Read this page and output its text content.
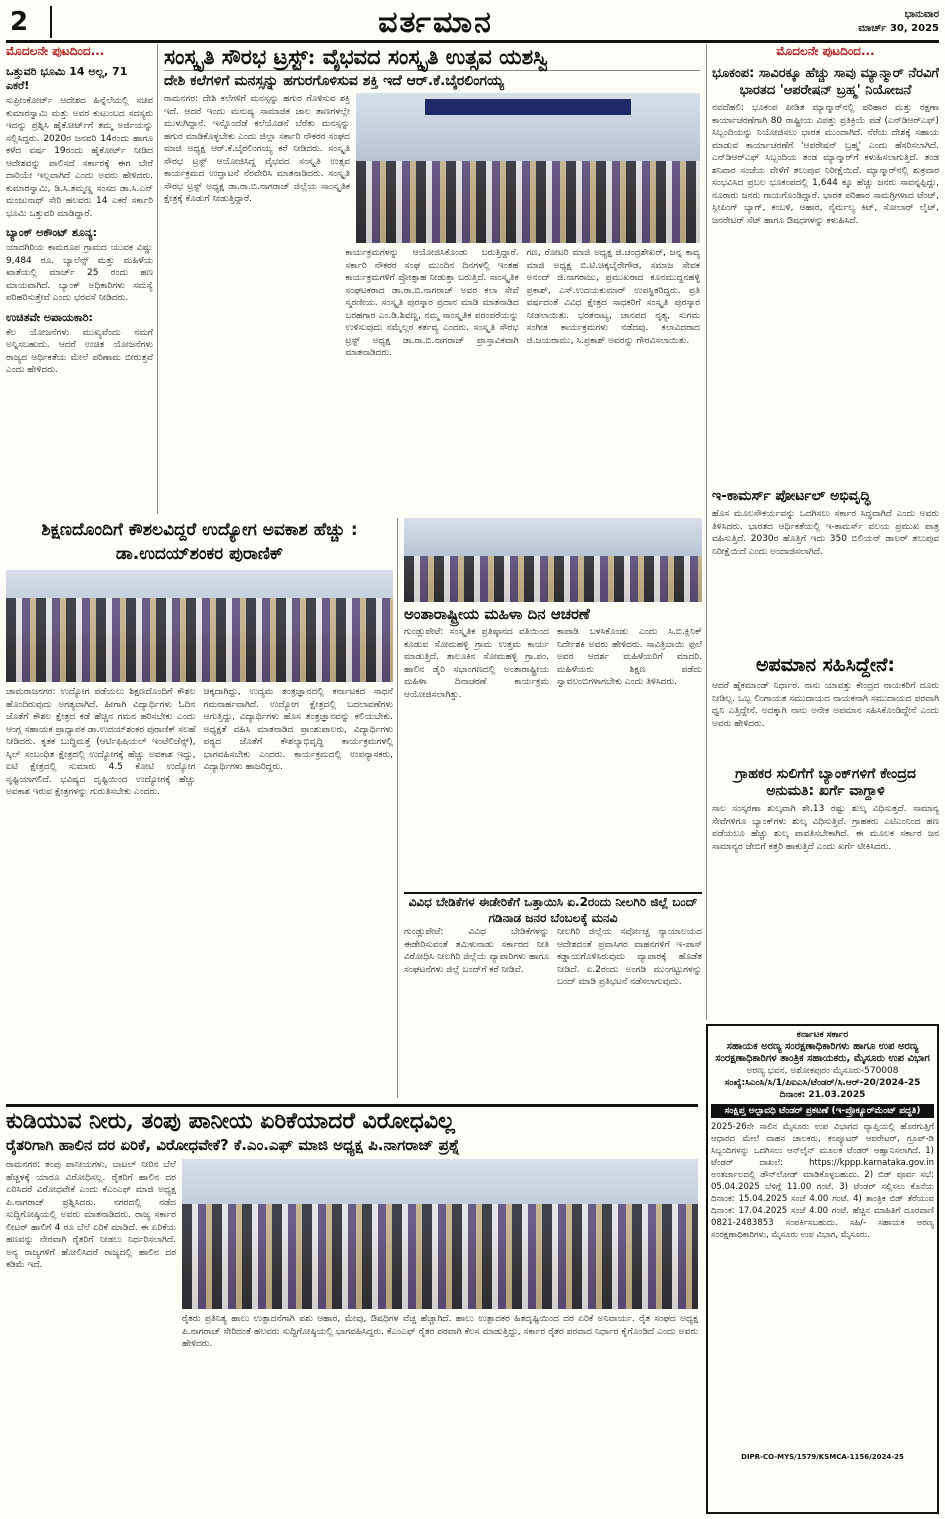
2	ವರ್ತಮಾನ	ಭಾನುವಾರ
ಮಾರ್ಚ್ 30, 2025
ಮೊದಲನೇ ಪುಟದಿಂದ...
ಒತ್ತುವರಿ ಭೂಮಿ 14 ಅಲ್ಲ, 71 ಎಕರೆ!

ಸುಪ್ರೀಂಕೋರ್ಟ್ ಆದೇಶದ ಹಿನ್ನೆಲೆಯಲ್ಲಿ ಸಚಿವ ಕುಮಾರಸ್ವಾಮಿ ಮತ್ತು ಅವರ ಕುಟುಂಬದ ಸದಸ್ಯರು ಇದನ್ನು ಪ್ರಶ್ನಿಸಿ ಹೈಕೋರ್ಟ್‌ಗೆ ತಮ್ಮ ಅರ್ಜಿಯನ್ನು ಸಲ್ಲಿಸಿದ್ದರು. 2020ರ ಜನವರಿ 14ರಂದು ಹಾಗೂ ಕಳೆದ ವರ್ಷ 19ರಂದು ಹೈಕೋರ್ಟ್ ನೀಡಿದ ಆದೇಶವನ್ನು ಪಾಲಿಸದೆ ಸರ್ಕಾರಕ್ಕೆ ಈಗ ಬೇರೆ ದಾರಿಯೇ ಇಲ್ಲವಾಗಿದೆ ಎಂದು ಅವರು ಹೇಳಿದರು. ಕುಮಾರಸ್ವಾಮಿ, ಡಿ.ಸಿ.ತಮ್ಮಣ್ಣ ಸಂಸದ ಡಾ.ಸಿ.ಎನ್ ಮಂಜುನಾಥ್ ಸೇರಿ ಹಲವರು 14 ಎಕರೆ ಸರ್ಕಾರಿ ಭೂಮಿ ಒತ್ತುವರಿ ಮಾಡಿದ್ದಾರೆ.

ಬ್ಯಾಂಕ್ ಅಕೌಂಟ್ ಶೂನ್ಯ:

ಯಾದಗಿರಿಯ ಕಾಮರೂಪ ಗ್ರಾಮದ ಯುವಕ ವಿಷ್ಣು 9,484 ರೂ. ಬ್ಯಾಲೆನ್ಸ್ ಮತ್ತು ಮಹಿಳೆಯ ಖಾತೆಯಲ್ಲಿ ಮಾರ್ಚ್ 25 ರಂದು ಹಣ ಮಾಯವಾಗಿದೆ. ಬ್ಯಾಂಕ್ ಅಧಿಕಾರಿಗಳು ಸಮಸ್ಯೆ ಪರಿಹರಿಸುತ್ತೇವೆ ಎಂದು ಭರವಸೆ ನೀಡಿದರು.

ಉಚಿತವೇ ಅಪಾಯಕಾರಿ:

ಕೆಲ ಯೋಜನೆಗಳು ಮುಖ್ಯವೆಂದು ನಮಗೆ ಅನ್ನಿಸಬಹುದು. ಆದರೆ ಉಚಿತ ಯೋಜನೆಗಳು ರಾಜ್ಯದ ಆರ್ಥಿಕತೆಯ ಮೇಲೆ ಪರಿಣಾಮ ಬೀರುತ್ತವೆ ಎಂದು ಹೇಳಿದರು.

ಸಂಸ್ಕೃತಿ ಸೌರಭ ಟ್ರಸ್ಟ್: ವೈಭವದ ಸಂಸ್ಕೃತಿ ಉತ್ಸವ ಯಶಸ್ವಿ
ದೇಶಿ ಕಲೆಗಳಿಗೆ ಮನಸ್ಸನ್ನು ಹಗುರಗೊಳಿಸುವ ಶಕ್ತಿ ಇದೆ ಆರ್.ಕೆ.ಬೈರಲಿಂಗಯ್ಯ

ರಾಮನಗರ: ದೇಶಿ ಕಲೆಗಳಿಗೆ ಮನಸ್ಸನ್ನು ಹಗುರ ಗೊಳಿಸುವ ಶಕ್ತಿ ಇದೆ. ಆದರೆ ಇಂದು ಮನುಷ್ಯ ಸಾಮಾಜಿಕ ಜಾಲ ತಾಣಗಳಲ್ಲೇ ಮುಳುಗಿದ್ದಾನೆ. ಇನ್ನೊಂದೆಡೆ ಕಲೆಯೊಡನೆ ಬೆರೆತು ಮನಸ್ಸನ್ನು ಹಗುರ ಮಾಡಿಕೊಳ್ಳಬೇಕು ಎಂದು ಜಿಲ್ಲಾ ಸರ್ಕಾರಿ ನೌಕರರ ಸಂಘದ ಮಾಜಿ ಅಧ್ಯಕ್ಷ ಆರ್.ಕೆ.ಬೈರಲಿಂಗಯ್ಯ ಕರೆ ನೀಡಿದರು. ಸಂಸ್ಕೃತಿ ಸೌರಭ ಟ್ರಸ್ಟ್ ಆಯೋಜಿಸಿದ್ದ ವೈಭವದ ಸಂಸ್ಕೃತಿ ಉತ್ಸವ ಕಾರ್ಯಕ್ರಮದ ಉದ್ಘಾಟನೆ ನೆರವೇರಿಸಿ ಮಾತನಾಡಿದರು. ಸಂಸ್ಕೃತಿ ಸೌರಭ ಟ್ರಸ್ಟ್ ಅಧ್ಯಕ್ಷ ಡಾ.ರಾ.ಬಿ.ನಾಗರಾಜ್ ಜಿಲ್ಲೆಯ ಸಾಂಸ್ಕೃತಿಕ ಕ್ಷೇತ್ರಕ್ಕೆ ಕೊಡುಗೆ ನೀಡುತ್ತಿದ್ದಾರೆ.

ಕಾರ್ಯಕ್ರಮಗಳನ್ನು ಆಯೋಜಿಸಿಕೊಂಡು ಬರುತ್ತಿದ್ದಾರೆ. ಸರ್ಕಾರಿ ನೌಕರರ ಸಂಘ ಮುಂದಿನ ದಿನಗಳಲ್ಲಿ ಇಂತಹ ಕಾರ್ಯಕ್ರಮಗಳಿಗೆ ಪ್ರೋತ್ಸಾಹ ನೀಡುತ್ತಾ ಬರುತ್ತಿದೆ. ಸಾಂಸ್ಕೃತಿಕ ಸಂಘಟಕರಾದ ಡಾ.ರಾ.ಬಿ.ನಾಗರಾಜ್ ಅವರ ಕಲಾ ಸೇವೆ ಸ್ಮರಣೀಯ. ಸಂಸ್ಕೃತಿ ಪುರಸ್ಕಾರ ಪ್ರದಾನ ಮಾಡಿ ಮಾತನಾಡಿದ ಬರಹಗಾರ ಎಂ.ಡಿ.ಶಿವಣ್ಣ, ನಮ್ಮ ಸಾಂಸ್ಕೃತಿಕ ಪರಂಪರೆಯನ್ನು ಉಳಿಸುವುದು ನಮ್ಮೆಲ್ಲರ ಕರ್ತವ್ಯ ಎಂದರು. ಸಂಸ್ಕೃತಿ ಸೌರಭ ಟ್ರಸ್ಟ್ ಅಧ್ಯಕ್ಷ ಡಾ.ರಾ.ಬಿ.ನಾಗರಾಜ್ ಪ್ರಾಸ್ತಾವಿಕವಾಗಿ ಮಾತನಾಡಿದರು.

ಗಣ, ರೋಟರಿ ಮಾಜಿ ಅಧ್ಯಕ್ಷ ಜಿ.ಚಂದ್ರಶೇಖರ್, ಜನ್ನ ಕಾವ್ಯ ಮಾಜಿ ಅಧ್ಯಕ್ಷ ಬಿ.ಟಿ.ಚಿಕ್ಕಬೈರೇಗೌಡ, ಸಮಾಜ ಸೇವಕ ಅನಂದ್ ಜಿ.ನಾಗರಾಜು, ಪ್ರಮುಖರಾದ ಕೂನಮುದ್ದನಹಳ್ಳಿ ಪ್ರಕಾಶ್, ಎಸ್.ಉದಯಕುಮಾರ್ ಉಪಸ್ಥಿತರಿದ್ದರು. ಪ್ರತಿ ವರ್ಷದಂತೆ ವಿವಿಧ ಕ್ಷೇತ್ರದ ಸಾಧಕರಿಗೆ ಸಂಸ್ಕೃತಿ ಪುರಸ್ಕಾರ ನೀಡಲಾಯಿತು. ಭರತನಾಟ್ಯ, ಜಾನಪದ ನೃತ್ಯ, ಸುಗಮ ಸಂಗೀತ ಕಾರ್ಯಕ್ರಮಗಳು ನಡೆದವು. ಕಲಾವಿದರಾದ ಜಿ.ಜಯರಾಮು, ಸಿ.ಪ್ರಕಾಶ್ ಅವರನ್ನು ಗೌರವಿಸಲಾಯಿತು.

ಮೊದಲನೇ ಪುಟದಿಂದ...
ಭೂಕಂಪ: ಸಾವಿರಕ್ಕೂ ಹೆಚ್ಚು ಸಾವು ಮ್ಯಾನ್ಮಾರ್ ನೆರವಿಗೆ ಭಾರತದ 'ಆಪರೇಷನ್ ಬ್ರಹ್ಮ' ನಿಯೋಜನೆ

ನವದೆಹಲಿ: ಭೂಕಂಪ ಪೀಡಿತ ಮ್ಯಾನ್ಮಾರ್‌ನಲ್ಲಿ ಪರಿಹಾರ ಮತ್ತು ರಕ್ಷಣಾ ಕಾರ್ಯಾಚರಣೆಗಾಗಿ 80 ರಾಷ್ಟ್ರೀಯ ವಿಪತ್ತು ಪ್ರತಿಕ್ರಿಯೆ ಪಡೆ (ಎನ್‌ಡಿಆರ್‌ಎಫ್) ಸಿಬ್ಬಂದಿಯನ್ನು ನಿಯೋಜಿಸಲು ಭಾರತ ಮುಂದಾಗಿದೆ. ನೆರೆಯ ದೇಶಕ್ಕೆ ಸಹಾಯ ಮಾಡುವ ಕಾರ್ಯಾಚರಣೆಗೆ 'ಆಪರೇಷನ್ ಬ್ರಹ್ಮ' ಎಂದು ಹೆಸರಿಸಲಾಗಿದೆ. ಎನ್‌ಡಿಆರ್‌ಎಫ್ ಸಿಬ್ಬಂದಿಯ ತಂಡ ಮ್ಯಾನ್ಮಾರ್‌ಗೆ ಕಳುಹಿಸಲಾಗುತ್ತಿದೆ. ತಂಡ ಶನಿವಾರ ಸಂಜೆಯ ವೇಳೆಗೆ ತಲುಪುವ ನಿರೀಕ್ಷೆಯಿದೆ. ಮ್ಯಾನ್ಮಾರ್‌ನಲ್ಲಿ ಶುಕ್ರವಾರ ಸಂಭವಿಸಿದ ಪ್ರಬಲ ಭೂಕಂಪದಲ್ಲಿ 1,644 ಕ್ಕೂ ಹೆಚ್ಚು ಜನರು ಸಾವನ್ನಪ್ಪಿದ್ದು, ನೂರಾರು ಜನರು ಗಾಯಗೊಂಡಿದ್ದಾರೆ. ಭಾರತ ಪರಿಹಾರ ಸಾಮಗ್ರಿಗಳಾದ ಟೆಂಟ್, ಸ್ಲೀಪಿಂಗ್ ಬ್ಯಾಗ್, ಕಂಬಳಿ, ಆಹಾರ, ನೈರ್ಮಲ್ಯ ಕಿಟ್, ಸೋಲಾರ್ ಲೈಟ್, ಜನರೇಟರ್ ಸೆಟ್ ಹಾಗೂ ಔಷಧಗಳನ್ನು ಕಳುಹಿಸಿದೆ.

ಇ-ಕಾಮರ್ಸ್ ಪೋರ್ಟಲ್ ಅಭಿವೃದ್ಧಿ

ಹೊಸ ಮೂಲಸೌಕರ್ಯವನ್ನು ಒದಗಿಸಲು ಸರ್ಕಾರ ಸಿದ್ಧವಾಗಿದೆ ಎಂದು ಅವರು ತಿಳಿಸಿದರು. ಭಾರತದ ಆರ್ಥಿಕತೆಯಲ್ಲಿ ಇ-ಕಾಮರ್ಸ್ ವಲಯ ಪ್ರಮುಖ ಪಾತ್ರ ವಹಿಸುತ್ತಿದೆ. 2030ರ ಹೊತ್ತಿಗೆ ಇದು 350 ಬಿಲಿಯನ್ ಡಾಲರ್ ತಲುಪುವ ನಿರೀಕ್ಷೆಯಿದೆ ಎಂದು ಅಂದಾಜಿಸಲಾಗಿದೆ.

ಅಪಮಾನ ಸಹಿಸಿದ್ದೇನೆ:

ಆದರೆ ಹೈಕಮಾಂಡ್ ನಿರ್ಧಾರ. ನಾನು ಯಾವತ್ತು ಕೇಂದ್ರದ ನಾಯಕರಿಗೆ ದೂರು ನೀಡಿಲ್ಲ. ಒಬ್ಬ ಲಿಂಗಾಯತ ಸಮುದಾಯದ ನಾಯಕನಾಗಿ ಸಮುದಾಯದ ಪರವಾಗಿ ಧ್ವನಿ ಎತ್ತಿದ್ದೇನೆ. ಅದಕ್ಕಾಗಿ ನಾನು ಅನೇಕ ಅಪಮಾನ ಸಹಿಸಿಕೊಂಡಿದ್ದೇನೆ ಎಂದು ಅವರು ಹೇಳಿದರು.

ಗ್ರಾಹಕರ ಸುಲಿಗೆಗೆ ಬ್ಯಾಂಕ್‌ಗಳಿಗೆ ಕೇಂದ್ರದ ಅನುಮತಿ: ಖರ್ಗೆ ವಾಗ್ದಾಳಿ

ಸಾಲ ಸಂಸ್ಕರಣಾ ಶುಲ್ಕವಾಗಿ ಶೇ.13 ರಷ್ಟು ಶುಲ್ಕ ವಿಧಿಸುತ್ತದೆ. ಸಾಮಾನ್ಯ ಸೇವೆಗಳಿಗೂ ಬ್ಯಾಂಕ್‌ಗಳು ಶುಲ್ಕ ವಿಧಿಸುತ್ತಿವೆ. ಗ್ರಾಹಕರು ಎಟಿಎಂನಿಂದ ಹಣ ಪಡೆಯಲೂ ಹೆಚ್ಚು ಶುಲ್ಕ ಪಾವತಿಸಬೇಕಾಗಿದೆ. ಈ ಮೂಲಕ ಸರ್ಕಾರ ಜನ ಸಾಮಾನ್ಯರ ಜೇಬಿಗೆ ಕತ್ತರಿ ಹಾಕುತ್ತಿದೆ ಎಂದು ಖರ್ಗೆ ಟೀಕಿಸಿದರು.

ಶಿಕ್ಷಣದೊಂದಿಗೆ ಕೌಶಲವಿದ್ದರೆ ಉದ್ಯೋಗ ಅವಕಾಶ ಹೆಚ್ಚು : ಡಾ.ಉದಯ್‌ಶಂಕರ ಪುರಾಣಿಕ್

ಚಾಮರಾಜನಗರ: ಉದ್ಯೋಗ ಪಡೆಯಲು ಶಿಕ್ಷಣದೊಂದಿಗೆ ಕೌಶಲ ಹೊಂದಿರುವುದು ಅಗತ್ಯವಾಗಿದೆ. ಹೀಗಾಗಿ ವಿದ್ಯಾರ್ಥಿಗಳು ಓದಿನ ಜೊತೆಗೆ ಕೌಶಲ ಕ್ಷೇತ್ರದ ಕಡೆ ಹೆಚ್ಚಿನ ಗಮನ ಹರಿಸಬೇಕು ಎಂದು ಆಂಗ್ಲ ಸಹಾಯಕ ಪ್ರಾಧ್ಯಾಪಕ ಡಾ.ಉದಯ್‌ಶಂಕರ ಪುರಾಣಿಕ್ ಸಲಹೆ ನೀಡಿದರು. ಕೃತಕ ಬುದ್ಧಿಮತ್ತೆ (ಆರ್ಟಿಫಿಷಿಯಲ್ ಇಂಟೆಲಿಜೆನ್ಸ್), ಸ್ಕಿಲ್ ಸಂಬಂಧಿತ ಕ್ಷೇತ್ರದಲ್ಲಿ ಉದ್ಯೋಗಕ್ಕೆ ಹೆಚ್ಚು ಅವಕಾಶ ಇದ್ದು, ಐಟಿ ಕ್ಷೇತ್ರದಲ್ಲಿ ಸುಮಾರು 4.5 ಕೋಟಿ ಉದ್ಯೋಗ ಸೃಷ್ಟಿಯಾಗಲಿದೆ. ಭವಿಷ್ಯದ ದೃಷ್ಟಿಯಿಂದ ಉದ್ಯೋಗಕ್ಕೆ ಹೆಚ್ಚು ಅವಕಾಶ ಇರುವ ಕ್ಷೇತ್ರಗಳನ್ನು ಗುರುತಿಸಬೇಕು ಎಂದರು.

ಚಿಕ್ಕದಾಗಿದ್ದು, ಉದ್ಯಮ ತಂತ್ರಜ್ಞಾನದಲ್ಲಿ ಕರ್ನಾಟಕದ ಸಾಧನೆ ಗಮನಾರ್ಹವಾಗಿದೆ. ಉದ್ಯೋಗ ಕ್ಷೇತ್ರದಲ್ಲಿ ಬದಲಾವಣೆಗಳು ಆಗುತ್ತಿದ್ದು, ವಿದ್ಯಾರ್ಥಿಗಳು ಹೊಸ ತಂತ್ರಜ್ಞಾನವನ್ನು ಕಲಿಯಬೇಕು. ಅಧ್ಯಕ್ಷತೆ ವಹಿಸಿ ಮಾತನಾಡಿದ ಪ್ರಾಂಶುಪಾಲರು, ವಿದ್ಯಾರ್ಥಿಗಳು ಪಠ್ಯದ ಜೊತೆಗೆ ಕೌಶಲ್ಯಾಭಿವೃದ್ಧಿ ಕಾರ್ಯಕ್ರಮಗಳಲ್ಲಿ ಭಾಗವಹಿಸಬೇಕು ಎಂದರು. ಕಾರ್ಯಕ್ರಮದಲ್ಲಿ ಉಪನ್ಯಾಸಕರು, ವಿದ್ಯಾರ್ಥಿಗಳು ಹಾಜರಿದ್ದರು.

ಅಂತಾರಾಷ್ಟ್ರೀಯ ಮಹಿಳಾ ದಿನ ಆಚರಣೆ

ಗುಂಡ್ಲುಪೇಟೆ: ಸಂಸ್ಕೃತಿಕ ಪ್ರತಿಷ್ಠಾನದ ವತಿಯಿಂದ ಕೂಡುವ ಸೋಮಹಳ್ಳಿ ಗ್ರಾಮ ಉತ್ತಮ ಕಾರ್ಯ ಮಾಡುತ್ತಿದೆ. ತಾಲೂಕಿನ ಸೋಮಹಳ್ಳಿ ಗ್ರಾ.ಪಂ. ಹಾಲಿನ ಡೈರಿ ಸಭಾಂಗಣದಲ್ಲಿ ಅಂತಾರಾಷ್ಟ್ರೀಯ ಮಹಿಳಾ ದಿನಾಚರಣೆ ಕಾರ್ಯಕ್ರಮ ಆಯೋಜಿಸಲಾಗಿತ್ತು.

ಕಾಪಾಡಿ ಬಳಸಿಕೊಂಡು ಎಂದು ಸಿ.ಬಿ.ಕ್ಲಿನಿಕ್ ನಿರ್ದೇಶಕಿ ಅವರು ಹೇಳಿದರು. ಸಾವಿತ್ರಿಬಾಯಿ ಫುಲೆ ಅವರ ಆದರ್ಶ ಮಹಿಳೆಯರಿಗೆ ಮಾದರಿ. ಮಹಿಳೆಯರು ಶಿಕ್ಷಣ ಪಡೆದು ಸ್ವಾವಲಂಬಿಗಳಾಗಬೇಕು ಎಂದು ತಿಳಿಸಿದರು.

ವಿವಿಧ ಬೇಡಿಕೆಗಳ ಈಡೇರಿಕೆಗೆ ಒತ್ತಾಯಿಸಿ ಏ.2ರಂದು ನೀಲಗಿರಿ ಜಿಲ್ಲೆ ಬಂದ್ ಗಡಿನಾಡ ಜನರ ಬೆಂಬಲಕ್ಕೆ ಮನವಿ

ಗುಂಡ್ಲುಪೇಟೆ: ವಿವಿಧ ಬೇಡಿಕೆಗಳನ್ನು ಈಡೇರಿಸುವಂತೆ ತಮಿಳುನಾಡು ಸರ್ಕಾರದ ನೀತಿ ವಿರೋಧಿಸಿ ನೀಲಗಿರಿ ಜಿಲ್ಲೆಯ ವ್ಯಾಪಾರಿಗಳು ಹಾಗೂ ಸಂಘಟನೆಗಳು ಜಿಲ್ಲೆ ಬಂದ್‌ಗೆ ಕರೆ ನೀಡಿವೆ.

ನೀಲಗಿರಿ ಜಿಲ್ಲೆಯ ಸರ್ವೋಚ್ಚ ನ್ಯಾಯಾಲಯದ ಆದೇಶದಂತೆ ಪ್ರವಾಸಿಗರ ವಾಹನಗಳಿಗೆ ಇ-ಪಾಸ್ ಕಡ್ಡಾಯಗೊಳಿಸಿರುವುದು ವ್ಯಾಪಾರಕ್ಕೆ ಹೊಡೆತ ನೀಡಿದೆ. ಏ.2ರಂದು ಅಂಗಡಿ ಮುಂಗಟ್ಟುಗಳನ್ನು ಬಂದ್ ಮಾಡಿ ಪ್ರತಿಭಟನೆ ನಡೆಸಲಾಗುವುದು.

ಕುಡಿಯುವ ನೀರು, ತಂಪು ಪಾನೀಯ ಏರಿಕೆಯಾದರೆ ವಿರೋಧವಿಲ್ಲ
ರೈತರಿಗಾಗಿ ಹಾಲಿನ ದರ ಏರಿಕೆ, ವಿರೋಧವೇಕೆ? ಕೆ.ಎಂ.ಎಫ್ ಮಾಜಿ ಅಧ್ಯಕ್ಷ ಪಿ.ನಾಗರಾಜ್ ಪ್ರಶ್ನೆ

ರಾಮನಗರ: ತಂಪು ಪಾನೀಯಗಳು, ಬಾಟಲ್ ನೀರಿನ ಬೆಲೆ ಹೆಚ್ಚಳಕ್ಕೆ ಯಾರೂ ವಿರೋಧಿಸಲ್ಲ. ರೈತರಿಗೆ ಹಾಲಿನ ದರ ಏರಿಸಿದರೆ ವಿರೋಧವೇಕೆ ಎಂದು ಕೆಎಂಎಫ್ ಮಾಜಿ ಅಧ್ಯಕ್ಷ ಪಿ.ನಾಗರಾಜ್ ಪ್ರಶ್ನಿಸಿದರು. ನಗರದಲ್ಲಿ ನಡೆದ ಸುದ್ದಿಗೋಷ್ಠಿಯಲ್ಲಿ ಅವರು ಮಾತನಾಡಿದರು. ರಾಜ್ಯ ಸರ್ಕಾರ ಲೀಟರ್ ಹಾಲಿಗೆ 4 ರೂ ಬೆಲೆ ಏರಿಕೆ ಮಾಡಿದೆ. ಈ ಏರಿಕೆಯ ಹಣವನ್ನು ನೇರವಾಗಿ ರೈತರಿಗೆ ನೀಡಲು ನಿರ್ಧರಿಸಲಾಗಿದೆ. ಅನ್ಯ ರಾಜ್ಯಗಳಿಗೆ ಹೋಲಿಸಿದರೆ ರಾಜ್ಯದಲ್ಲಿ ಹಾಲಿನ ದರ ಕಡಿಮೆ ಇದೆ.

ರೈತರು ಪ್ರತಿನಿತ್ಯ ಹಾಲು ಉತ್ಪಾದನೆಗಾಗಿ ಪಶು ಆಹಾರ, ಮೇವು, ಔಷಧಿಗಳ ವೆಚ್ಚ ಹೆಚ್ಚಾಗಿದೆ. ಹಾಲು ಉತ್ಪಾದಕರ ಹಿತದೃಷ್ಟಿಯಿಂದ ದರ ಏರಿಕೆ ಅನಿವಾರ್ಯ. ರೈತ ಸಂಘದ ಅಧ್ಯಕ್ಷ ಪಿ.ನಾಗರಾಜ್ ಸೇರಿದಂತೆ ಹಲವರು ಸುದ್ದಿಗೋಷ್ಠಿಯಲ್ಲಿ ಭಾಗವಹಿಸಿದ್ದರು. ಕೆಎಂಎಫ್ ರೈತರ ಪರವಾಗಿ ಕೆಲಸ ಮಾಡುತ್ತಿದ್ದು, ಸರ್ಕಾರ ರೈತರ ಪರವಾದ ನಿರ್ಧಾರ ಕೈಗೊಂಡಿದೆ ಎಂದು ಅವರು ಹೇಳಿದರು.

ಕರ್ನಾಟಕ ಸರ್ಕಾರ
ಸಹಾಯಕ ಅರಣ್ಯ ಸಂರಕ್ಷಣಾಧಿಕಾರಿಗಳು ಹಾಗೂ ಉಪ ಅರಣ್ಯ ಸಂರಕ್ಷಣಾಧಿಕಾರಿಗಳ ತಾಂತ್ರಿಕ ಸಹಾಯಕರು, ಮೈಸೂರು ಉಪ ವಿಭಾಗ
ಅರಣ್ಯ ಭವನ, ಅಶೋಕಪುರಂ ಮೈಸೂರು-570008
ಸಂಖ್ಯೆ:ಸಿಎಂಸಿ/ಸಿ/1/ಪಿಐಎಸಿ/ಟೆಂಡರ್/ಸಿ.ಆರ್-20/2024-25
ದಿನಾಂಕ: 21.03.2025
ಸಂಕ್ಷಿಪ್ತ ಅಲ್ಪಾವಧಿ ಟೆಂಡರ್ ಪ್ರಕಟಣೆ (ಇ-ಪ್ರೊಕ್ಯೂರ್‌ಮೆಂಟ್ ಪದ್ಧತಿ)

2025-26ನೇ ಸಾಲಿನ ಮೈಸೂರು ಉಪ ವಿಭಾಗದ ವ್ಯಾಪ್ತಿಯಲ್ಲಿ ಹೊರಗುತ್ತಿಗೆ ಆಧಾರದ ಮೇಲೆ ವಾಹನ ಚಾಲಕರು, ಕಂಪ್ಯೂಟರ್ ಆಪರೇಟರ್, ಗ್ರೂಪ್-ಡಿ ಸಿಬ್ಬಂದಿಗಳನ್ನು ಒದಗಿಸಲು ಆನ್‌ಲೈನ್ ಮೂಲಕ ಟೆಂಡರ್ ಆಹ್ವಾನಿಸಲಾಗಿದೆ. 1) ಟೆಂಡರ್ ದಾಖಲೆ: https://kppp.karnataka.gov.in ಅಂತರ್ಜಾಲದಲ್ಲಿ ಡೌನ್‌ಲೋಡ್ ಮಾಡಿಕೊಳ್ಳಬಹುದು. 2) ಬಿಡ್ ಪೂರ್ವ ಸಭೆ: 05.04.2025 ಬೆಳಿಗ್ಗೆ 11.00 ಗಂಟೆ. 3) ಟೆಂಡರ್ ಸಲ್ಲಿಸಲು ಕೊನೆಯ ದಿನಾಂಕ: 15.04.2025 ಸಂಜೆ 4.00 ಗಂಟೆ. 4) ತಾಂತ್ರಿಕ ಬಿಡ್ ತೆರೆಯುವ ದಿನಾಂಕ: 17.04.2025 ಸಂಜೆ 4.00 ಗಂಟೆ. ಹೆಚ್ಚಿನ ಮಾಹಿತಿಗೆ ದೂರವಾಣಿ 0821-2483853 ಸಂಪರ್ಕಿಸಬಹುದು. ಸಹಿ/- ಸಹಾಯಕ ಅರಣ್ಯ ಸಂರಕ್ಷಣಾಧಿಕಾರಿಗಳು, ಮೈಸೂರು ಉಪ ವಿಭಾಗ, ಮೈಸೂರು.

DIPR-CO-MYS/1579/KSMCA-1156/2024-25
